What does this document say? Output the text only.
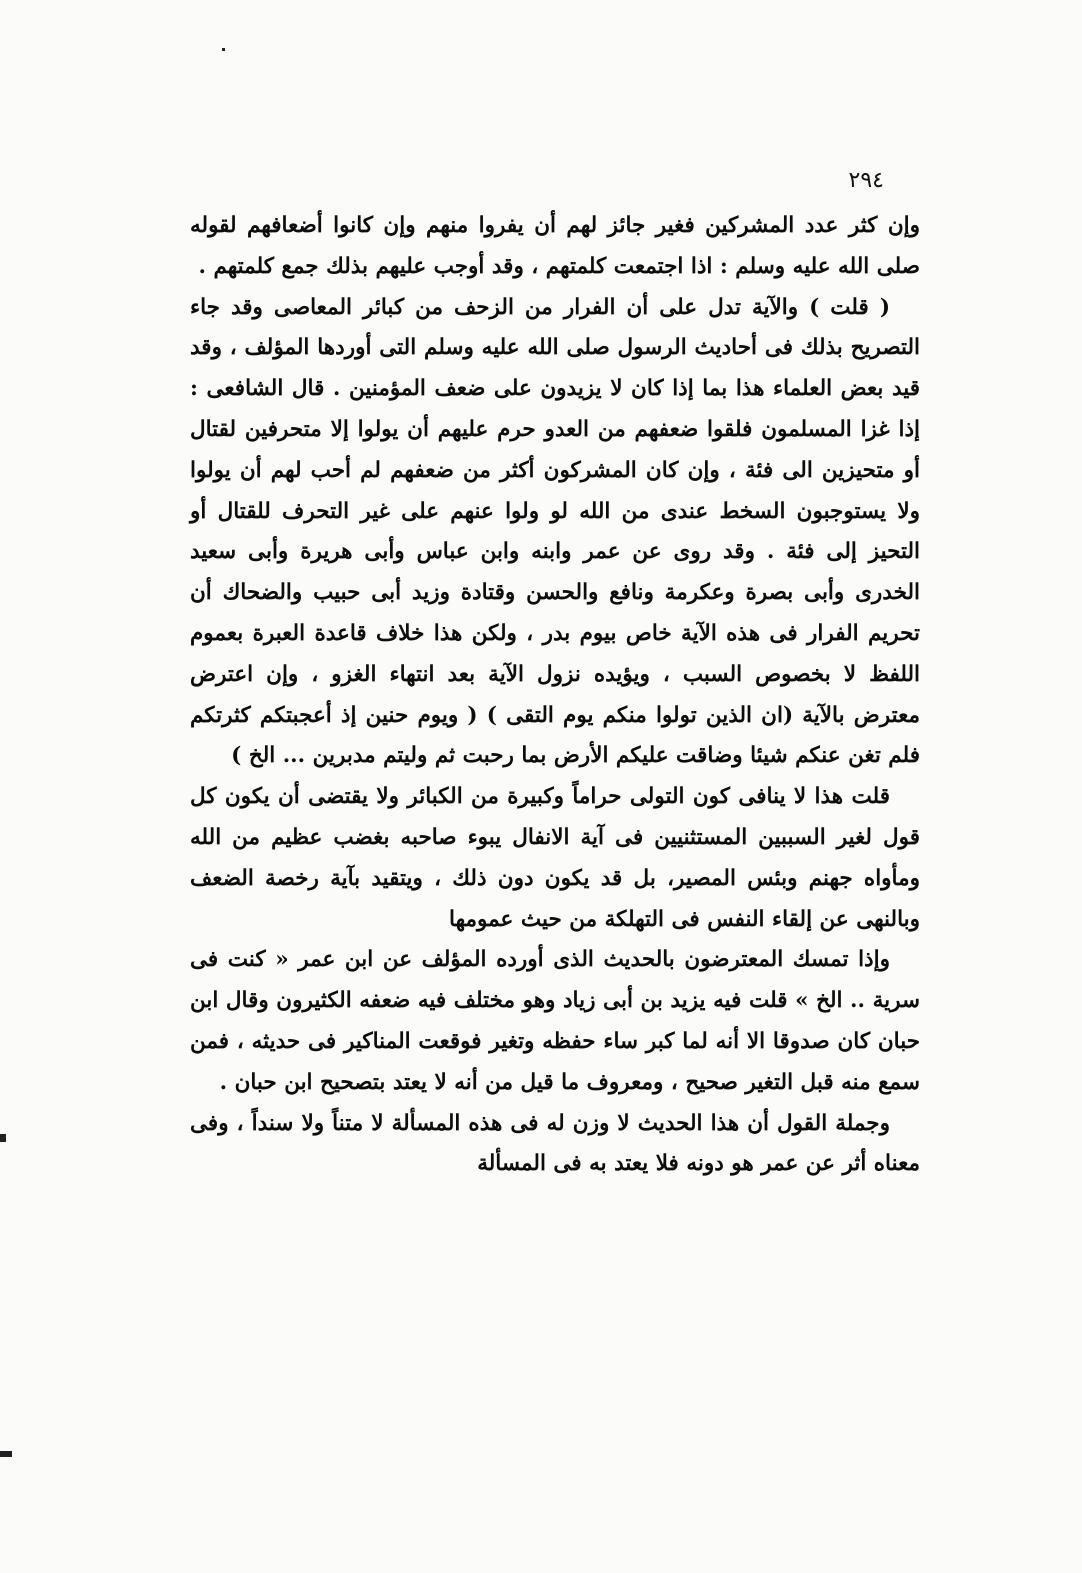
٢٩٤

وإن كثر عدد المشركين فغير جائز لهم أن يفروا منهم وإن كانوا أضعافهم لقوله صلى الله عليه وسلم : اذا اجتمعت كلمتهم ، وقد أوجب عليهم بذلك جمع كلمتهم .

( قلت ) والآية تدل على أن الفرار من الزحف من كبائر المعاصى وقد جاء التصريح بذلك فى أحاديث الرسول صلى الله عليه وسلم التى أوردها المؤلف ، وقد قيد بعض العلماء هذا بما إذا كان لا يزيدون على ضعف المؤمنين . قال الشافعى : إذا غزا المسلمون فلقوا ضعفهم من العدو حرم عليهم أن يولوا إلا متحرفين لقتال أو متحيزين الى فئة ، وإن كان المشركون أكثر من ضعفهم لم أحب لهم أن يولوا ولا يستوجبون السخط عندى من الله لو ولوا عنهم على غير التحرف للقتال أو التحيز إلى فئة . وقد روى عن عمر وابنه وابن عباس وأبى هريرة وأبى سعيد الخدرى وأبى بصرة وعكرمة ونافع والحسن وقتادة وزيد أبى حبيب والضحاك أن تحريم الفرار فى هذه الآية خاص بيوم بدر ، ولكن هذا خلاف قاعدة العبرة بعموم اللفظ لا بخصوص السبب ، ويؤيده نزول الآية بعد انتهاء الغزو ، وإن اعترض معترض بالآية (ان الذين تولوا منكم يوم التقى ) ( ويوم حنين إذ أعجبتكم كثرتكم فلم تغن عنكم شيئا وضاقت عليكم الأرض بما رحبت ثم وليتم مدبرين ... الخ )

قلت هذا لا ينافى كون التولى حراماً وكبيرة من الكبائر ولا يقتضى أن يكون كل قول لغير السببين المستثنيين فى آية الانفال يبوء صاحبه بغضب عظيم من الله ومأواه جهنم وبئس المصير، بل قد يكون دون ذلك ، ويتقيد بآية رخصة الضعف وبالنهى عن إلقاء النفس فى التهلكة من حيث عمومها

وإذا تمسك المعترضون بالحديث الذى أورده المؤلف عن ابن عمر « كنت فى سرية .. الخ » قلت فيه يزيد بن أبى زياد وهو مختلف فيه ضعفه الكثيرون وقال ابن حبان كان صدوقا الا أنه لما كبر ساء حفظه وتغير فوقعت المناكير فى حديثه ، فمن سمع منه قبل التغير صحيح ، ومعروف ما قيل من أنه لا يعتد بتصحيح ابن حبان .

وجملة القول أن هذا الحديث لا وزن له فى هذه المسألة لا متناً ولا سنداً ، وفى معناه أثر عن عمر هو دونه فلا يعتد به فى المسألة
